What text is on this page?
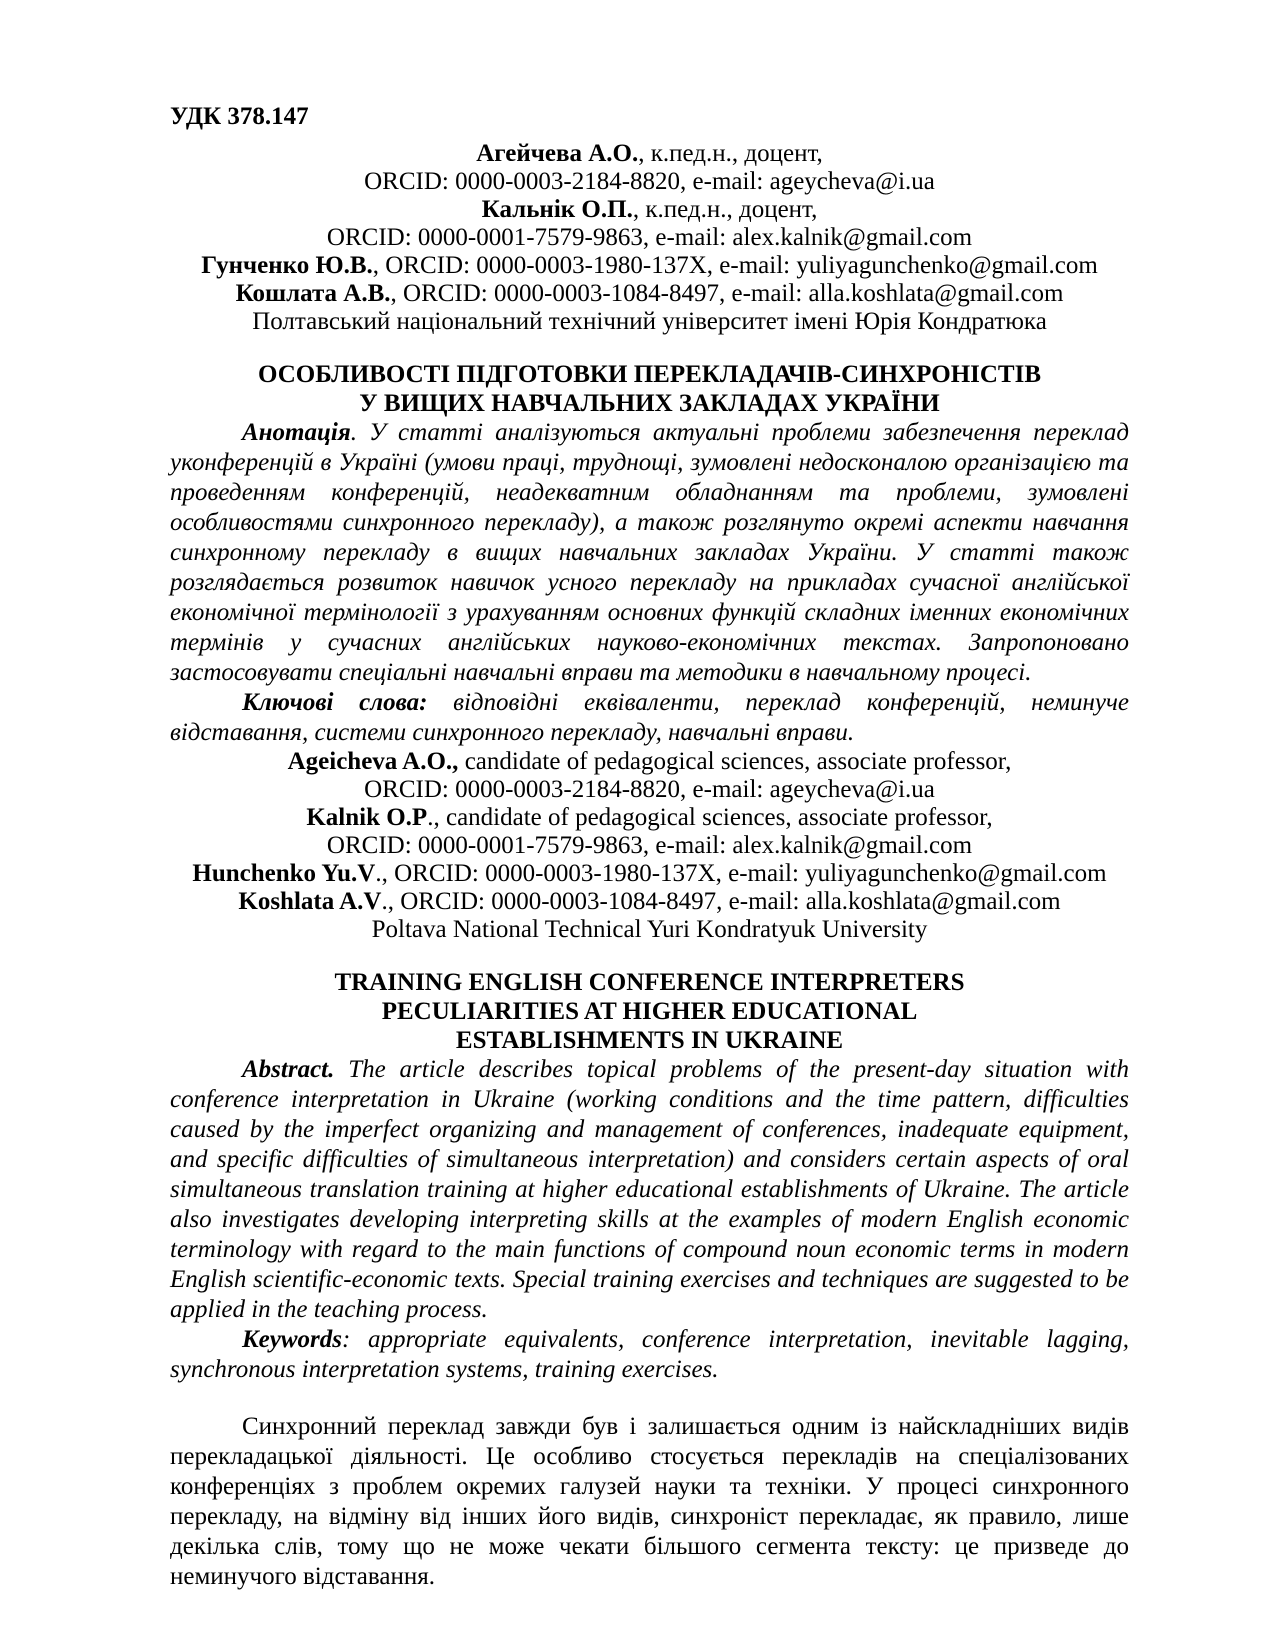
УДК 378.147

Агейчева А.О., к.пед.н., доцент,

ORCID: 0000-0003-2184-8820, e-mail: ageycheva@i.ua

Кальнік О.П., к.пед.н., доцент,

ORCID: 0000-0001-7579-9863, e-mail: alex.kalnik@gmail.com

Гунченко Ю.В., ORCID: 0000-0003-1980-137X, e-mail: yuliyagunchenko@gmail.com

Кошлата А.В., ORCID: 0000-0003-1084-8497, e-mail: alla.koshlata@gmail.com

Полтавський національний технічний університет імені Юрія Кондратюка

ОСОБЛИВОСТІ ПІДГОТОВКИ ПЕРЕКЛАДАЧІВ-СИНХРОНІСТІВ
У ВИЩИХ НАВЧАЛЬНИХ ЗАКЛАДАХ УКРАЇНИ

Анотація. У статті аналізуються актуальні проблеми забезпечення переклад уконференцій в Україні (умови праці, труднощі, зумовлені недосконалою організацією та проведенням конференцій, неадекватним обладнанням та проблеми, зумовлені особливостями синхронного перекладу), а також розглянуто окремі аспекти навчання синхронному перекладу в вищих навчальних закладах України. У статті також розглядається розвиток навичок усного перекладу на прикладах сучасної англійської економічної термінології з урахуванням основних функцій складних іменних економічних термінів у сучасних англійських науково-економічних текстах. Запропоновано застосовувати спеціальні навчальні вправи та методики в навчальному процесі.

Ключові слова: відповідні еквіваленти, переклад конференцій, неминуче відставання, системи синхронного перекладу, навчальні вправи.

Ageicheva A.O., candidate of pedagogical sciences, associate professor,

ORCID: 0000-0003-2184-8820, e-mail: ageycheva@i.ua

Kalnik O.P., candidate of pedagogical sciences, associate professor,

ORCID: 0000-0001-7579-9863, e-mail: alex.kalnik@gmail.com

Hunchenko Yu.V., ORCID: 0000-0003-1980-137X, e-mail: yuliyagunchenko@gmail.com

Koshlata A.V., ORCID: 0000-0003-1084-8497, e-mail: alla.koshlata@gmail.com

Poltava National Technical Yuri Kondratyuk University

TRAINING ENGLISH CONFERENCE INTERPRETERS
PECULIARITIES AT HIGHER EDUCATIONAL
ESTABLISHMENTS IN UKRAINE

Abstract. The article describes topical problems of the present-day situation with conference interpretation in Ukraine (working conditions and the time pattern, difficulties caused by the imperfect organizing and management of conferences, inadequate equipment, and specific difficulties of simultaneous interpretation) and considers certain aspects of oral simultaneous translation training at higher educational establishments of Ukraine. The article also investigates developing interpreting skills at the examples of modern English economic terminology with regard to the main functions of compound noun economic terms in modern English scientific-economic texts. Special training exercises and techniques are suggested to be applied in the teaching process.

Keywords: appropriate equivalents, conference interpretation, inevitable lagging, synchronous interpretation systems, training exercises.

Синхронний переклад завжди був і залишається одним із найскладніших видів перекладацької діяльності. Це особливо стосується перекладів на спеціалізованих конференціях з проблем окремих галузей науки та техніки. У процесі синхронного перекладу, на відміну від інших його видів, синхроніст перекладає, як правило, лише декілька слів, тому що не може чекати більшого сегмента тексту: це призведе до неминучого відставання.
